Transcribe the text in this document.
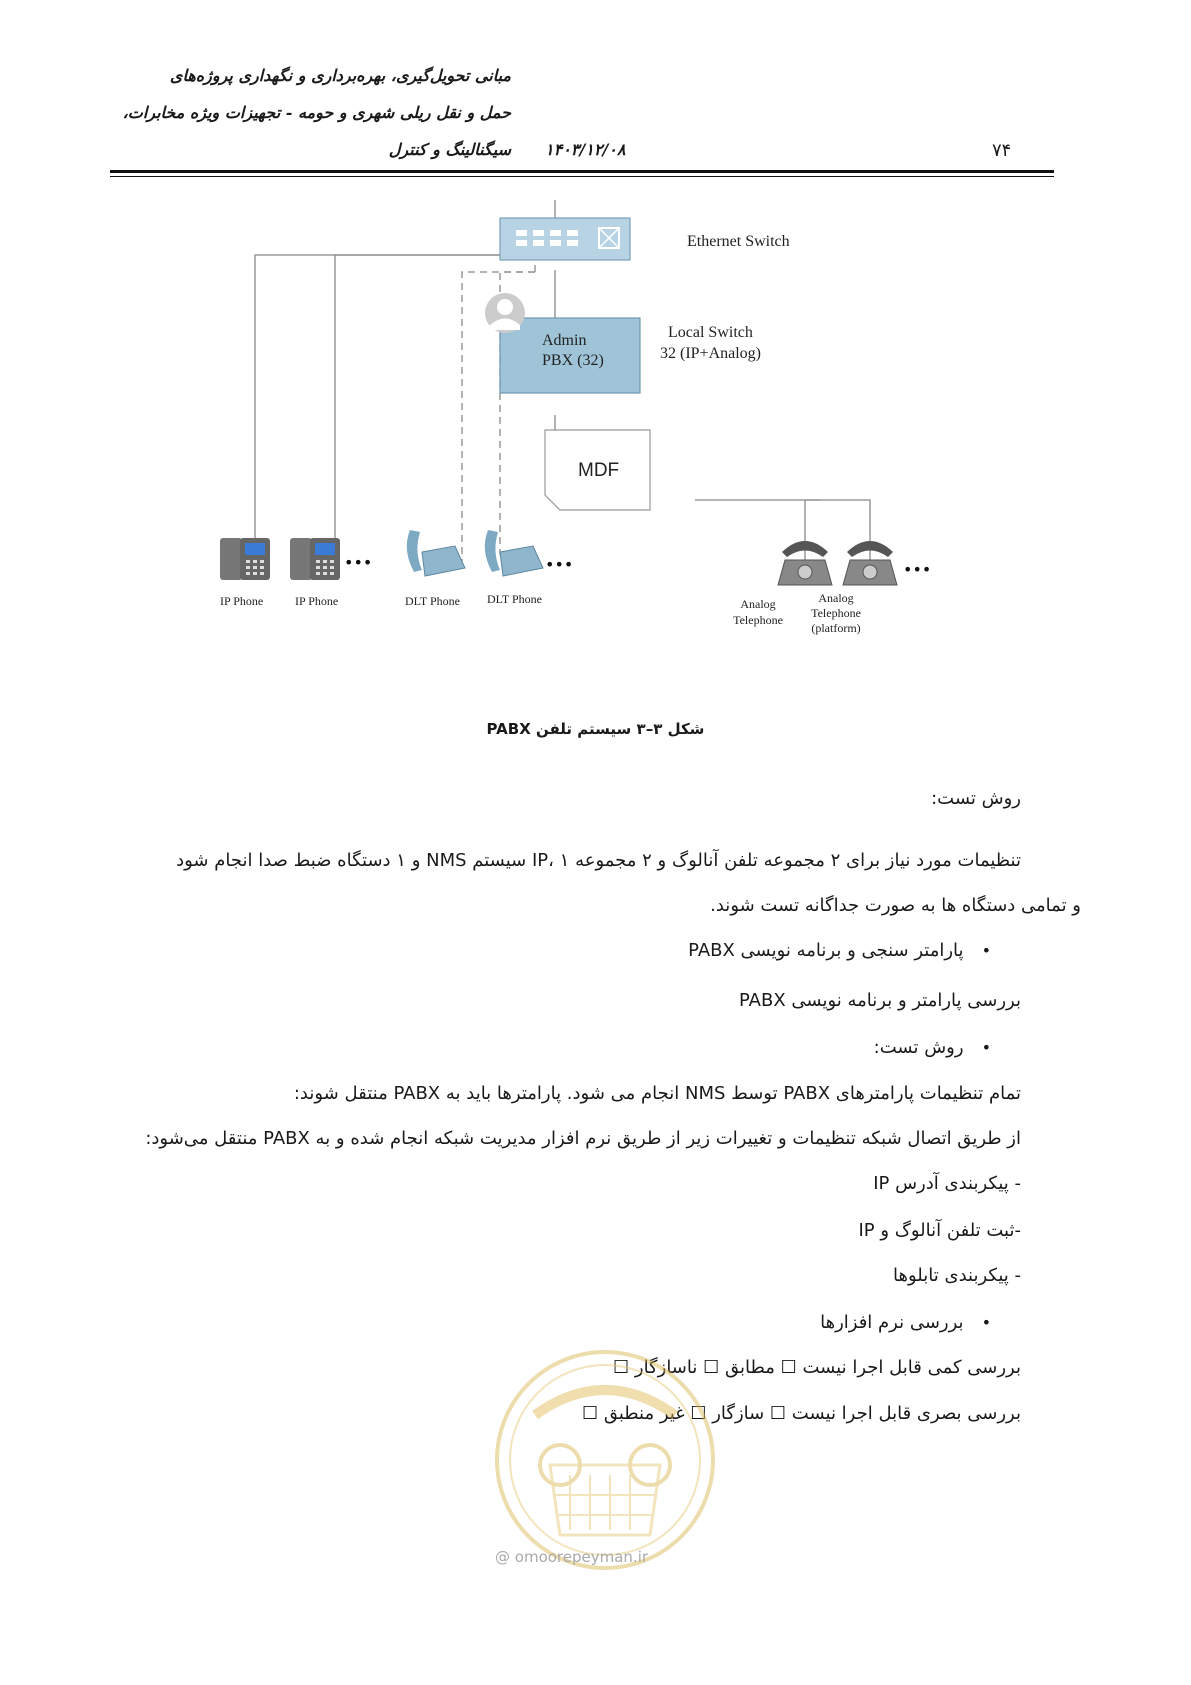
مبانی تحویل‌گیری، بهره‌برداری و نگهداری پروژه‌های
حمل و نقل ریلی شهری و حومه - تجهیزات ویژه مخابرات،
سیگنالینگ و کنترل ۱۴۰۳/۱۲/۰۸	۷۴
Ethernet Switch
Admin
PBX (32)
Local Switch
32 (IP+Analog)
MDF
•••	•••	•••
IP Phone	IP Phone	DLT Phone DLT Phone	Analog
Telephone
Analog
Telephone
(platform)
شکل ۳–۳ سیستم تلفن PABX
روش تست:
تنظیمات مورد نیاز برای ۲ مجموعه تلفن آنالوگ و ۲ مجموعه IP، ۱ سیستم NMS و ۱ دستگاه ضبط صدا انجام شود
و تمامی دستگاه ها به صورت جداگانه تست شوند.
• پارامتر سنجی و برنامه نویسی PABX
بررسی پارامتر و برنامه نویسی PABX
• روش تست:
تمام تنظیمات پارامترهای PABX توسط NMS انجام می شود. پارامترها باید به PABX منتقل شوند:
از طریق اتصال شبکه تنظیمات و تغییرات زیر از طریق نرم افزار مدیریت شبکه انجام شده و به PABX منتقل می‌شود:
- پیکربندی آدرس IP
-ثبت تلفن آنالوگ و IP
- پیکربندی تابلوها
• بررسی نرم افزارها
بررسی کمی قابل اجرا نیست ☐ مطابق ☐ ناسازگار ☐
بررسی بصری قابل اجرا نیست ☐ سازگار ☐ غیر منطبق ☐
@ omoorepeyman.ir
